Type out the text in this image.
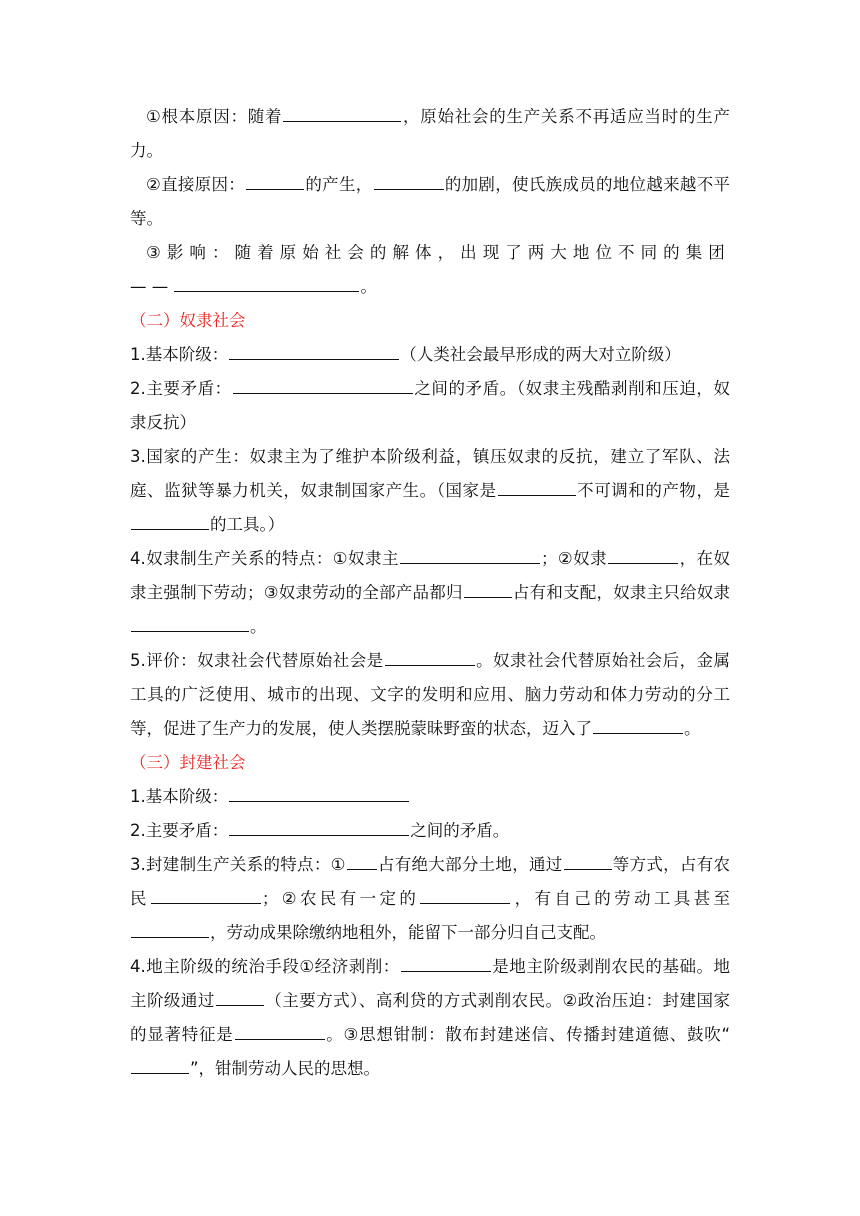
①根本原因：随着	，原始社会的生产关系不再适应当时的生产力。

②直接原因：	的产生，	的加剧，使氏族成员的地位越来越不平等。

③影响：随着原始社会的解体，出现了两大地位不同的集团——	。

（二）奴隶社会

1.基本阶级：	（人类社会最早形成的两大对立阶级）

2.主要矛盾：	之间的矛盾。（奴隶主残酷剥削和压迫，奴隶反抗）

3.国家的产生：奴隶主为了维护本阶级利益，镇压奴隶的反抗，建立了军队、法庭、监狱等暴力机关，奴隶制国家产生。（国家是	不可调和的产物，是的工具。）

4.奴隶制生产关系的特点：①奴隶主	；②奴隶	，在奴隶主强制下劳动；③奴隶劳动的全部产品都归	占有和支配，奴隶主只给奴隶。

5.评价：奴隶社会代替原始社会是	。奴隶社会代替原始社会后，金属工具的广泛使用、城市的出现、文字的发明和应用、脑力劳动和体力劳动的分工等，促进了生产力的发展，使人类摆脱蒙昧野蛮的状态，迈入了	。

（三）封建社会

1.基本阶级：

2.主要矛盾：	之间的矛盾。

3.封建制生产关系的特点：① 占有绝大部分土地，通过	等方式，占有农民	；②农民有一定的	，有自己的劳动工具甚至，劳动成果除缴纳地租外，能留下一部分归自己支配。

4.地主阶级的统治手段①经济剥削：	是地主阶级剥削农民的基础。地主阶级通过	（主要方式）、高利贷的方式剥削农民。②政治压迫：封建国家的显著特征是	。③思想钳制：散布封建迷信、传播封建道德、鼓吹“”，钳制劳动人民的思想。
